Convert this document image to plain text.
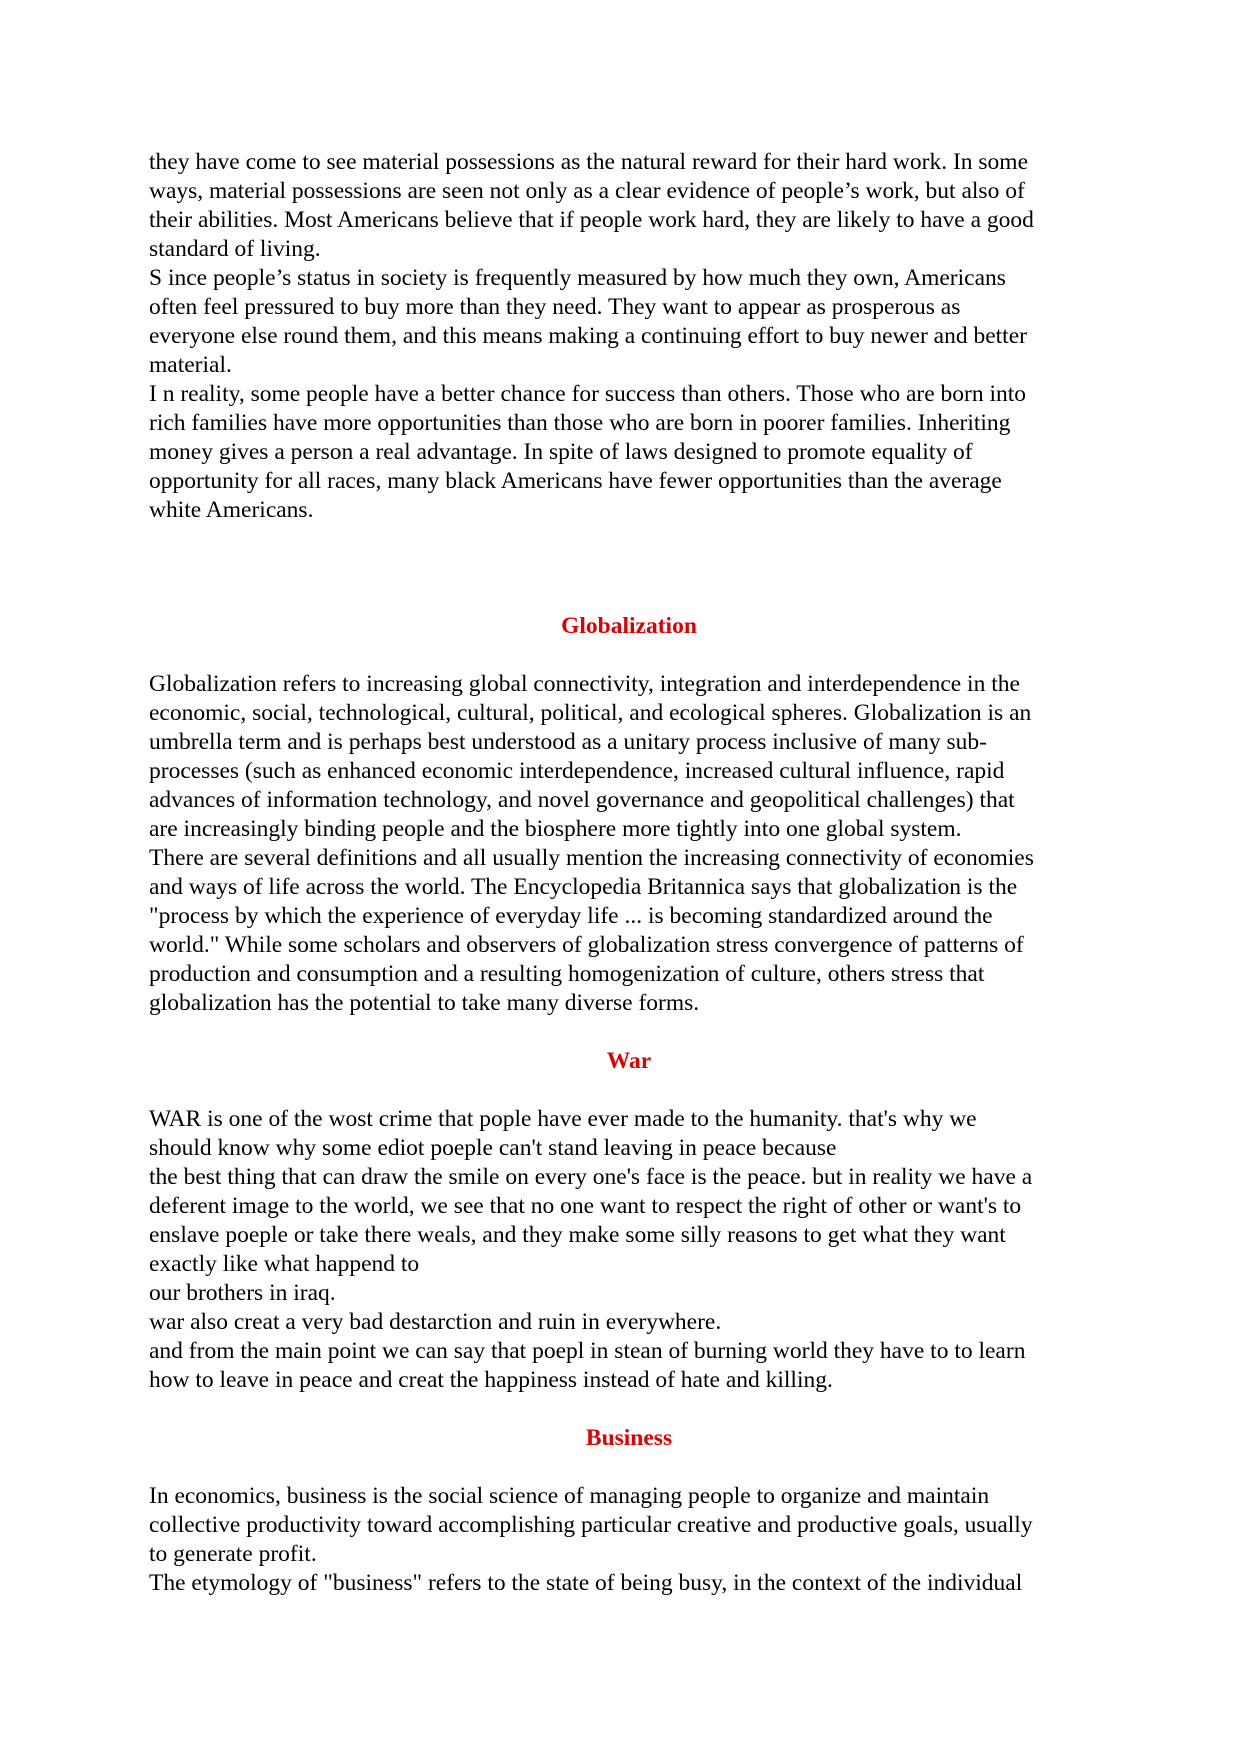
they have come to see material possessions as the natural reward for their hard work. In some
ways, material possessions are seen not only as a clear evidence of people’s work, but also of
their abilities. Most Americans believe that if people work hard, they are likely to have a good
standard of living.

S ince people’s status in society is frequently measured by how much they own, Americans
often feel pressured to buy more than they need. They want to appear as prosperous as
everyone else round them, and this means making a continuing effort to buy newer and better
material.

I n reality, some people have a better chance for success than others. Those who are born into
rich families have more opportunities than those who are born in poorer families. Inheriting
money gives a person a real advantage. In spite of laws designed to promote equality of
opportunity for all races, many black Americans have fewer opportunities than the average
white Americans.

Globalization

Globalization refers to increasing global connectivity, integration and interdependence in the
economic, social, technological, cultural, political, and ecological spheres. Globalization is an
umbrella term and is perhaps best understood as a unitary process inclusive of many sub-
processes (such as enhanced economic interdependence, increased cultural influence, rapid
advances of information technology, and novel governance and geopolitical challenges) that
are increasingly binding people and the biosphere more tightly into one global system.

There are several definitions and all usually mention the increasing connectivity of economies
and ways of life across the world. The Encyclopedia Britannica says that globalization is the
"process by which the experience of everyday life ... is becoming standardized around the
world." While some scholars and observers of globalization stress convergence of patterns of
production and consumption and a resulting homogenization of culture, others stress that
globalization has the potential to take many diverse forms.

War

WAR is one of the wost crime that pople have ever made to the humanity. that's why we
should know why some ediot poeple can't stand leaving in peace because

the best thing that can draw the smile on every one's face is the peace. but in reality we have a
deferent image to the world, we see that no one want to respect the right of other or want's to
enslave poeple or take there weals, and they make some silly reasons to get what they want
exactly like what happend to

our brothers in iraq.

war also creat a very bad destarction and ruin in everywhere.

and from the main point we can say that poepl in stean of burning world they have to to learn
how to leave in peace and creat the happiness instead of hate and killing.

Business

In economics, business is the social science of managing people to organize and maintain
collective productivity toward accomplishing particular creative and productive goals, usually
to generate profit.

The etymology of "business" refers to the state of being busy, in the context of the individual
